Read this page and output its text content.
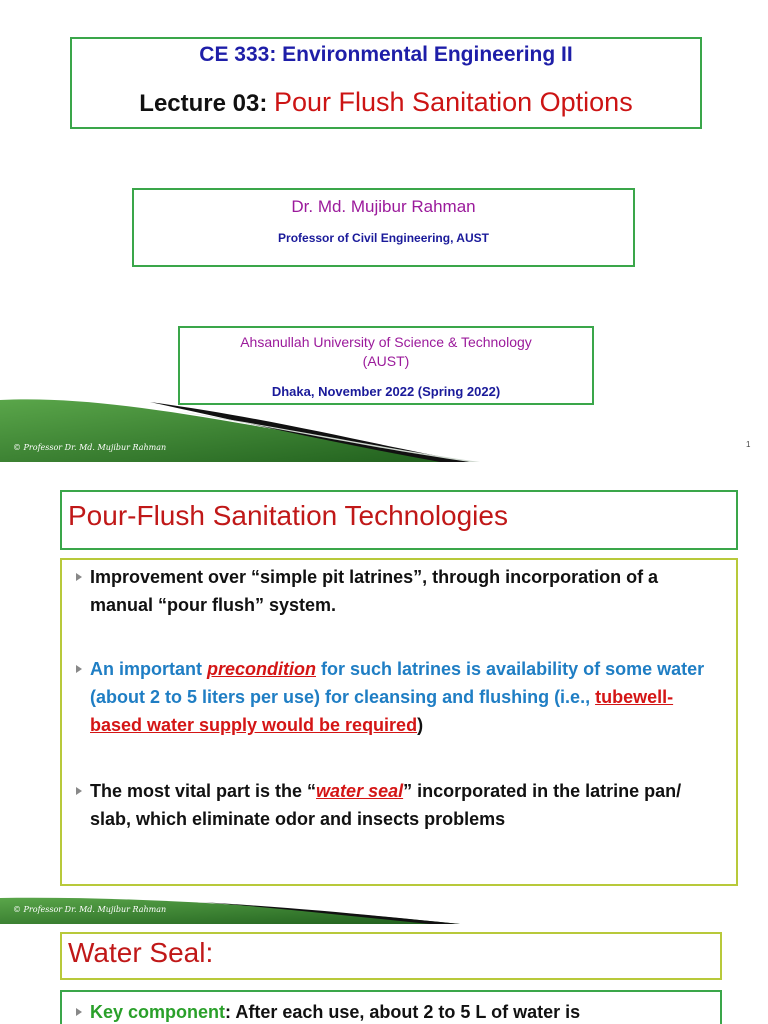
CE 333: Environmental Engineering II
Lecture 03: Pour Flush Sanitation Options
Dr. Md. Mujibur Rahman
Professor of Civil Engineering, AUST
Ahsanullah University of Science & Technology
(AUST)
Dhaka, November 2022 (Spring 2022)
© Professor Dr. Md. Mujibur Rahman	1
Pour-Flush Sanitation Technologies
Improvement over “simple pit latrines”, through incorporation of a manual “pour flush” system.
An important precondition for such latrines is availability of some water (about 2 to 5 liters per use) for cleansing and flushing (i.e., tubewell-based water supply would be required)
The most vital part is the “water seal” incorporated in the latrine pan/ slab, which eliminate odor and insects problems
© Professor Dr. Md. Mujibur Rahman
Water Seal:
Key component: After each use, about 2 to 5 L of water is
